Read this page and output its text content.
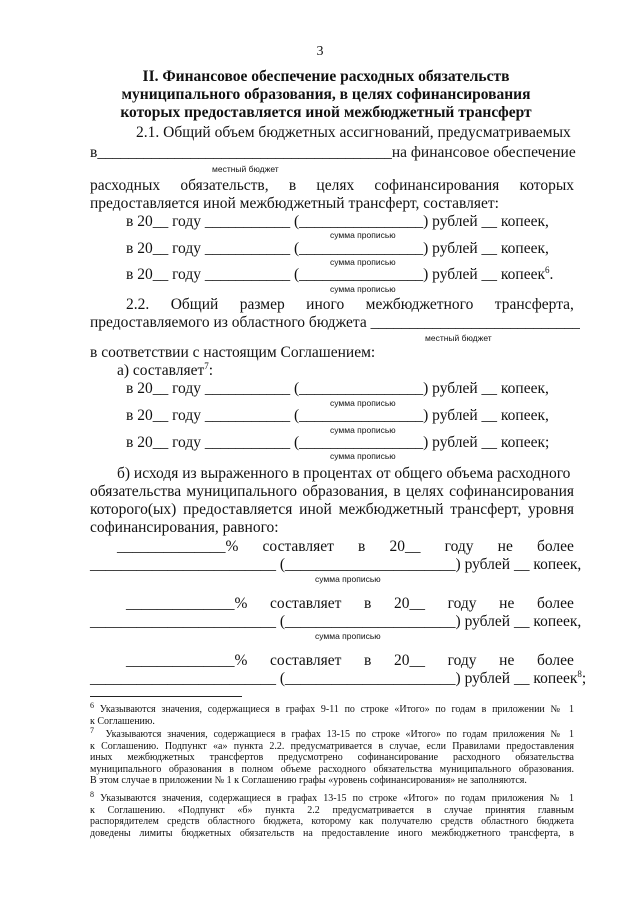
3
II. Финансовое обеспечение расходных обязательств
муниципального образования, в целях софинансирования
которых предоставляется иной межбюджетный трансферт
2.1. Общий объем бюджетных ассигнований, предусматриваемых
в ______________________________________ на финансовое обеспечение
местный бюджет
расходных обязательств, в целях софинансирования которых
предоставляется иной межбюджетный трансферт, составляет:
в 20__ году ___________ (________________) рублей __ копеек,
сумма прописью
в 20__ году ___________ (________________) рублей __ копеек,
сумма прописью
в 20__ году ___________ (________________) рублей __ копеек$^6$.
сумма прописью
2.2. Общий размер иного межбюджетного трансферта,
предоставляемого из областного бюджета ___________________________
местный бюджет
в соответствии с настоящим Соглашением:
а) составляет$^7$:
в 20__ году ___________ (________________) рублей __ копеек,
сумма прописью
в 20__ году ___________ (________________) рублей __ копеек,
сумма прописью
в 20__ году ___________ (________________) рублей __ копеек;
сумма прописью
б) исходя из выраженного в процентах от общего объема расходного
обязательства муниципального образования, в целях софинансирования
которого(ых) предоставляется иной межбюджетный трансферт, уровня
софинансирования, равного:
______________% составляет в 20__ году не более
________________________ (______________________) рублей __ копеек,
сумма прописью
______________% составляет в 20__ году не более
________________________ (______________________) рублей __ копеек,
сумма прописью
______________% составляет в 20__ году не более
________________________ (______________________) рублей __ копеек$^8$;
$^6$ Указываются значения, содержащиеся в графах 9-11 по строке «Итого» по годам в приложении № 1
к Соглашению.
$^7$ Указываются значения, содержащиеся в графах 13-15 по строке «Итого» по годам приложения № 1
к Соглашению. Подпункт «а» пункта 2.2. предусматривается в случае, если Правилами предоставления
иных межбюджетных трансфертов предусмотрено софинансирование расходного обязательства
муниципального образования в полном объеме расходного обязательства муниципального образования.
В этом случае в приложении № 1 к Соглашению графы «уровень софинансирования» не заполняются.
$^8$ Указываются значения, содержащиеся в графах 13-15 по строке «Итого» по годам приложения № 1
к Соглашению. «Подпункт «б» пункта 2.2 предусматривается в случае принятия главным
распорядителем средств областного бюджета, которому как получателю средств областного бюджета
доведены лимиты бюджетных обязательств на предоставление иного межбюджетного трансферта, в
